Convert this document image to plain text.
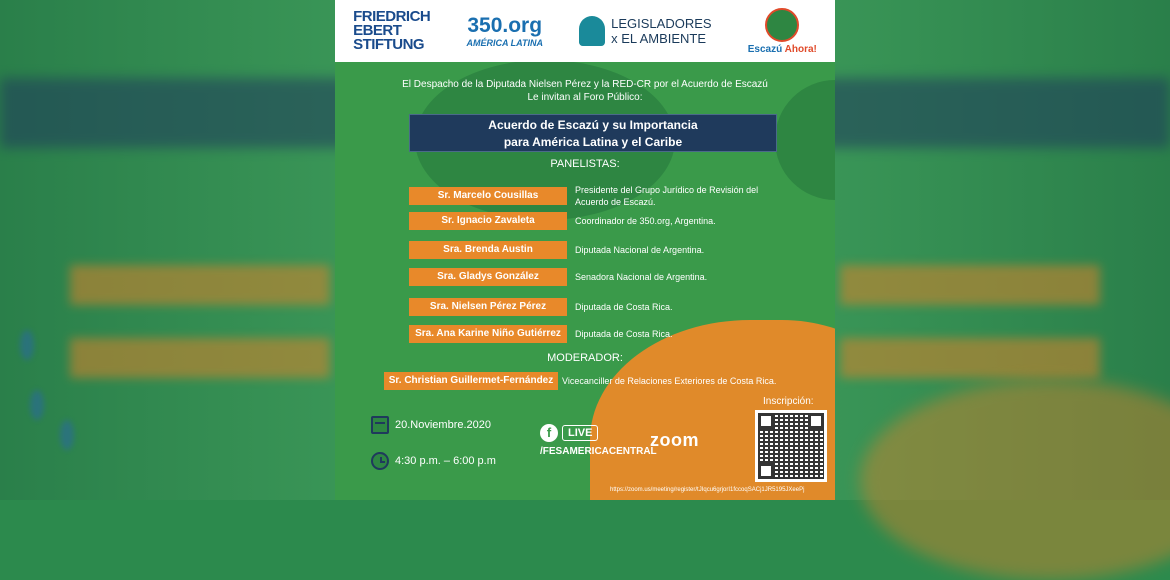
FRIEDRICH
EBERT
STIFTUNG
350.org
AMÉRICA LATINA
LEGISLADORES
x EL AMBIENTE
Escazú Ahora!
El Despacho de la Diputada Nielsen Pérez y la RED-CR por el Acuerdo de Escazú
Le invitan al Foro Público:
Acuerdo de Escazú y su Importancia
para América Latina y el Caribe
PANELISTAS:
Sr. Marcelo Cousillas	Presidente del Grupo Jurídico de Revisión del
Acuerdo de Escazú.
Sr. Ignacio Zavaleta	Coordinador de 350.org, Argentina.
Sra. Brenda Austin	Diputada Nacional de Argentina.
Sra. Gladys González	Senadora Nacional de Argentina.
Sra. Nielsen Pérez Pérez	Diputada de Costa Rica.
Sra. Ana Karine Niño Gutiérrez	Diputada de Costa Rica.
MODERADOR:
Sr. Christian Guillermet-Fernández Vicecanciller de Relaciones Exteriores de Costa Rica.
20.Noviembre.2020
4:30 p.m. – 6:00 p.m
f	LIVE
/FESAMERICACENTRAL
zoom
Inscripción:
https://zoom.us/meeting/register/tJIqcu6grjorI1fccoqSACj1JR5195JXeePj
